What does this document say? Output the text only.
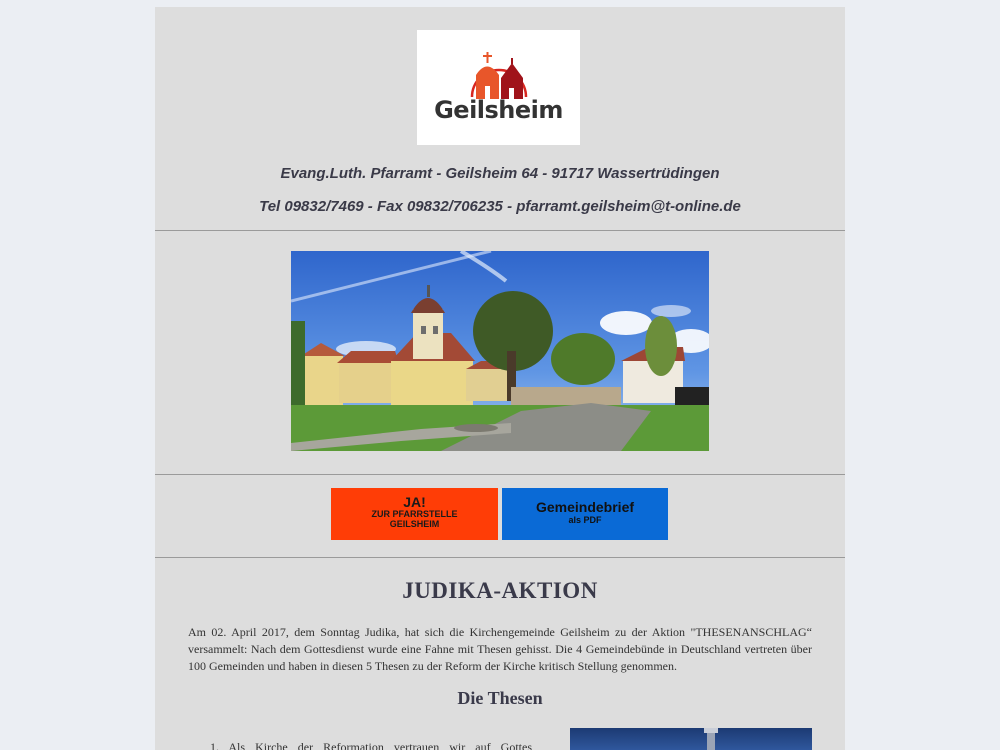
Geilsheim
Evang.Luth. Pfarramt - Geilsheim 64 - 91717 Wassertrüdingen
Tel 09832/7469 - Fax 09832/706235 - pfarramt.geilsheim@t-online.de
JA!
ZUR PFARRSTELLE
GEILSHEIM
Gemeindebrief
als PDF
JUDIKA-AKTION
Am 02. April 2017, dem Sonntag Judika, hat sich die Kirchengemeinde Geilsheim zu der Aktion "THESENANSCHLAG“ versammelt: Nach dem Gottesdienst wurde eine Fahne mit Thesen gehisst. Die 4 Gemeindebünde in Deutschland vertreten über 100 Gemeinden und haben in diesen 5 Thesen zu der Reform der Kirche kritisch Stellung genommen.
Die Thesen
1. Als Kirche der Reformation vertrauen wir auf Gottes
